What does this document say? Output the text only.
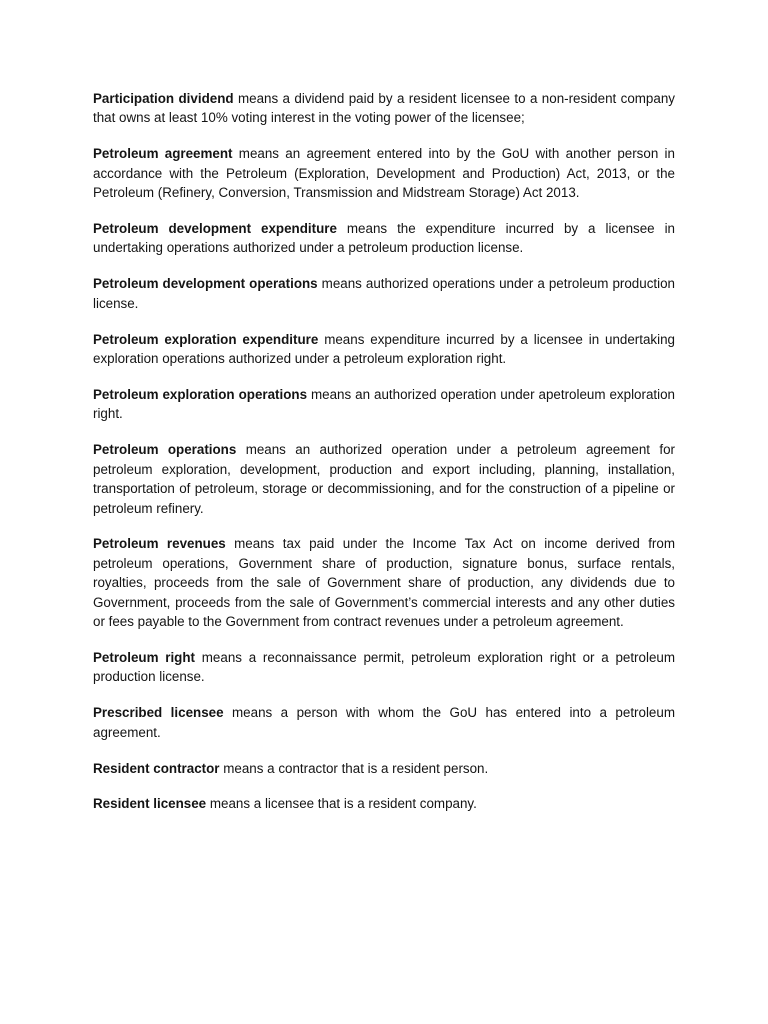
Participation dividend means a dividend paid by a resident licensee to a non-resident company that owns at least 10% voting interest in the voting power of the licensee;

Petroleum agreement means an agreement entered into by the GoU with another person in accordance with the Petroleum (Exploration, Development and Production) Act, 2013, or the Petroleum (Refinery, Conversion, Transmission and Midstream Storage) Act 2013.

Petroleum development expenditure means the expenditure incurred by a licensee in undertaking operations authorized under a petroleum production license.

Petroleum development operations means authorized operations under a petroleum production license.

Petroleum exploration expenditure means expenditure incurred by a licensee in undertaking exploration operations authorized under a petroleum exploration right.

Petroleum exploration operations means an authorized operation under apetroleum exploration right.

Petroleum operations means an authorized operation under a petroleum agreement for petroleum exploration, development, production and export including, planning, installation, transportation of petroleum, storage or decommissioning, and for the construction of a pipeline or petroleum refinery.

Petroleum revenues means tax paid under the Income Tax Act on income derived from petroleum operations, Government share of production, signature bonus, surface rentals, royalties, proceeds from the sale of Government share of production, any dividends due to Government, proceeds from the sale of Government’s commercial interests and any other duties or fees payable to the Government from contract revenues under a petroleum agreement.

Petroleum right means a reconnaissance permit, petroleum exploration right or a petroleum production license.

Prescribed licensee means a person with whom the GoU has entered into a petroleum agreement.

Resident contractor means a contractor that is a resident person.

Resident licensee means a licensee that is a resident company.
